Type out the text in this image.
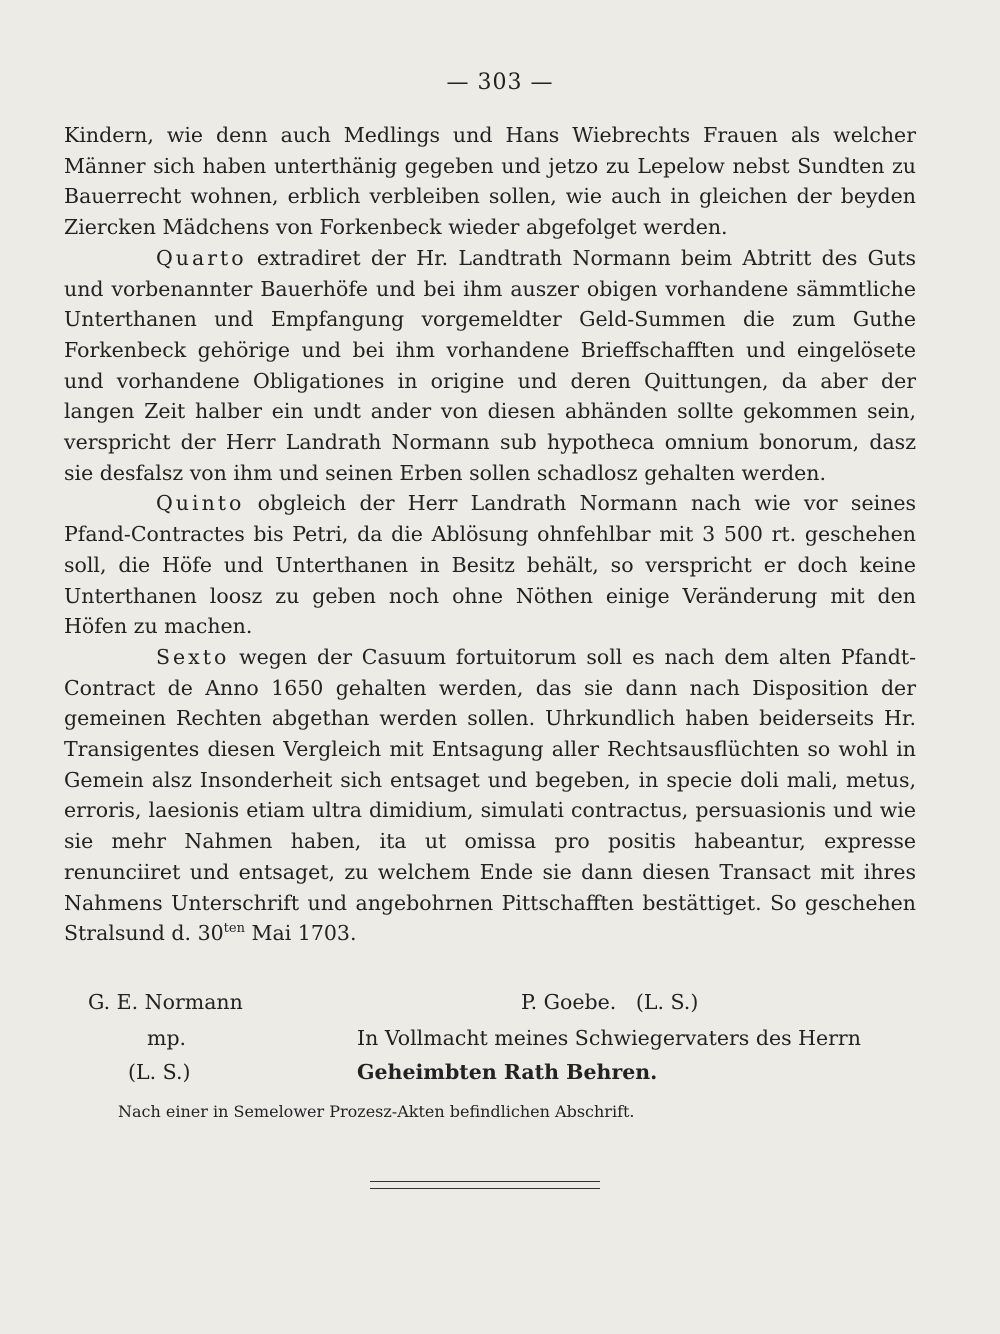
— 303 —

Kindern, wie denn auch Medlings und Hans Wiebrechts Frauen als welcher Männer sich haben unterthänig gegeben und jetzo zu Lepelow nebst Sundten zu Bauerrecht wohnen, erblich verbleiben sollen, wie auch in gleichen der beyden Ziercken Mädchens von Forkenbeck wieder abgefolget werden.

Quarto extradiret der Hr. Landtrath Normann beim Abtritt des Guts und vorbenannter Bauerhöfe und bei ihm auszer obigen vorhandene sämmtliche Unterthanen und Empfangung vorgemeldter Geld-Summen die zum Guthe Forkenbeck gehörige und bei ihm vorhandene Brieffschafften und eingelösete und vorhandene Obligationes in origine und deren Quittungen, da aber der langen Zeit halber ein undt ander von diesen abhänden sollte gekommen sein, verspricht der Herr Landrath Normann sub hypotheca omnium bonorum, dasz sie desfalsz von ihm und seinen Erben sollen schadlosz gehalten werden.

Quinto obgleich der Herr Landrath Normann nach wie vor seines Pfand-Contractes bis Petri, da die Ablösung ohnfehlbar mit 3 500 rt. geschehen soll, die Höfe und Unterthanen in Besitz behält, so verspricht er doch keine Unterthanen loosz zu geben noch ohne Nöthen einige Veränderung mit den Höfen zu machen.

Sexto wegen der Casuum fortuitorum soll es nach dem alten Pfandt-Contract de Anno 1650 gehalten werden, das sie dann nach Disposition der gemeinen Rechten abgethan werden sollen. Uhrkundlich haben beiderseits Hr. Transigentes diesen Vergleich mit Entsagung aller Rechtsausflüchten so wohl in Gemein alsz Insonderheit sich entsaget und begeben, in specie doli mali, metus, erroris, laesionis etiam ultra dimidium, simulati contractus, persuasionis und wie sie mehr Nahmen haben, ita ut omissa pro positis habeantur, expresse renunciiret und entsaget, zu welchem Ende sie dann diesen Transact mit ihres Nahmens Unterschrift und angebohrnen Pittschafften bestättiget. So geschehen Stralsund d. $30^{ten}$ Mai 1703.

G. E. Normann
mp.
(L. S.)
P. Goebe.   (L. S.)
In Vollmacht meines Schwiegervaters des Herrn
Geheimbten Rath Behren.
Nach einer in Semelower Prozesz-Akten befindlichen Abschrift.
